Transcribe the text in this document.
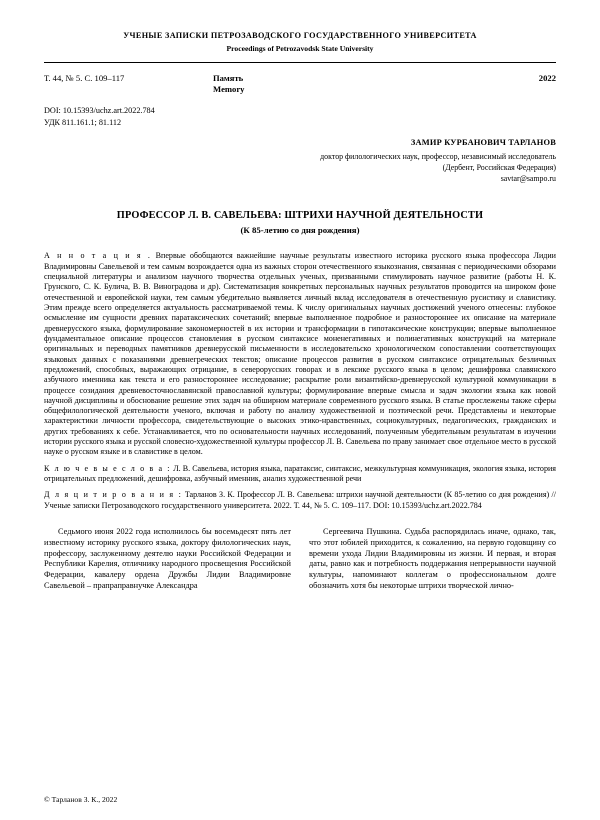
УЧЕНЫЕ ЗАПИСКИ ПЕТРОЗАВОДСКОГО ГОСУДАРСТВЕННОГО УНИВЕРСИТЕТА
Proceedings of Petrozavodsk State University
Т. 44, № 5. С. 109–117	Память
Memory
2022
DOI: 10.15393/uchz.art.2022.784
УДК 811.161.1; 81.112
ЗАМИР КУРБАНОВИЧ ТАРЛАНОВ
доктор филологических наук, профессор, независимый исследователь
(Дербент, Российская Федерация)
savtar@sampo.ru
ПРОФЕССОР Л. В. САВЕЛЬЕВА: ШТРИХИ НАУЧНОЙ ДЕЯТЕЛЬНОСТИ
(К 85-летию со дня рождения)
А н н о т а ц и я . Впервые обобщаются важнейшие научные результаты известного историка русского языка профессора Лидии Владимировны Савельевой и тем самым возрождается одна из важных сторон отечественного языкознания, связанная с периодическими обзорами специальной литературы и анализом научного творчества отдельных ученых, призванными стимулировать научное развитие (работы Н. К. Грунского, С. К. Булича, В. В. Виноградова и др). Систематизация конкретных персональных научных результатов проводится на широком фоне отечественной и европейской науки, тем самым убедительно выявляется личный вклад исследователя в отечественную русистику и славистику. Этим прежде всего определяется актуальность рассматриваемой темы. К числу оригинальных научных достижений ученого отнесены: глубокое осмысление им сущности древних паратаксических сочетаний; впервые выполненное подробное и разностороннее их описание на материале древнерусского языка, формулирование закономерностей в их истории и трансформации в гипотаксические конструкции; впервые выполненное фундаментальное описание процессов становления в русском синтаксисе моненегативных и полинегативных конструкций на материале оригинальных и переводных памятников древнерусской письменности в исследовательско хронологическом сопоставлении соответствующих языковых данных с показаниями древнегреческих текстов; описание процессов развития в русском синтаксисе отрицательных безличных предложений, способных, выражающих отрицание, в северорусских говорах и в лексике русского языка в целом; дешифровка славянского азбучного именника как текста и его разностороннее исследование; раскрытие роли византийско-древнерусской культурной коммуникации в процессе созидания древневосточнославянской православной культуры; формулирование впервые смысла и задач экологии языка как новой научной дисциплины и обоснование решение этих задач на обширном материале современного русского языка. В статье прослежены также сферы общефилологической деятельности ученого, включая и работу по анализу художественной и поэтической речи. Представлены и некоторые характеристики личности профессора, свидетельствующие о высоких этико-нравственных, социокультурных, педагогических, гражданских и других требованиях к себе. Устанавливается, что по основательности научных исследований, полученным убедительным результатам в изучении истории русского языка и русской словесно-художественной культуры профессор Л. В. Савельева по праву занимает свое отдельное место в русской науке о русском языке и в славистике в целом.
К л ю ч е в ы е с л о в а : Л. В. Савельева, история языка, паратаксис, синтаксис, межкультурная коммуникация, экология языка, история отрицательных предложений, дешифровка, азбучный именник, анализ художественной речи
Д л я ц и т и р о в а н и я : Тарланов З. К. Профессор Л. В. Савельева: штрихи научной деятельности (К 85-летию со дня рождения) // Ученые записки Петрозаводского государственного университета. 2022. Т. 44, № 5. С. 109–117. DOI: 10.15393/uchz.art.2022.784

Седьмого июня 2022 года исполнилось бы восемьдесят пять лет известному историку русского языка, доктору филологических наук, профессору, заслуженному деятелю науки Российской Федерации и Республики Карелия, отличнику народного просвещения Российской Федерации, кавалеру ордена Дружбы Лидии Владимировне Савельевой – прапраправнучке Александра

Сергеевича Пушкина. Судьба распорядилась иначе, однако, так, что этот юбилей приходится, к сожалению, на первую годовщину со времени ухода Лидии Владимировны из жизни. И первая, и вторая даты, равно как и потребность поддержания непрерывности научной культуры, напоминают коллегам о профессиональном долге обозначить хотя бы некоторые штрихи творческой лично-

© Тарланов З. К., 2022
